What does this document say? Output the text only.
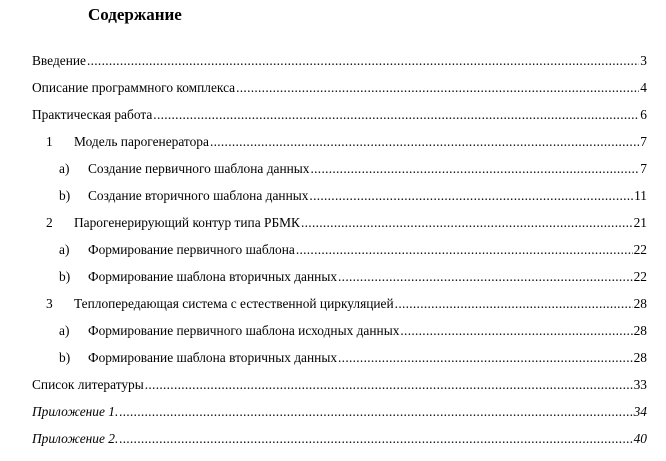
Содержание
Введение .....	3
Описание программного комплекса .....	4
Практическая работа .....	6
1	Модель парогенератора .....	7
a)	Создание первичного шаблона данных .....	7
b)	Создание вторичного шаблона данных .....	11
2	Парогенерирующий контур типа РБМК .....	21
a)	Формирование первичного шаблона .....	22
b)	Формирование шаблона вторичных данных .....	22
3	Теплопередающая система с естественной циркуляцией .....	28
a)	Формирование первичного шаблона исходных данных .....	28
b)	Формирование шаблона вторичных данных .....	28
Список литературы .....	33
Приложение 1. .....	34
Приложение 2. .....	40
